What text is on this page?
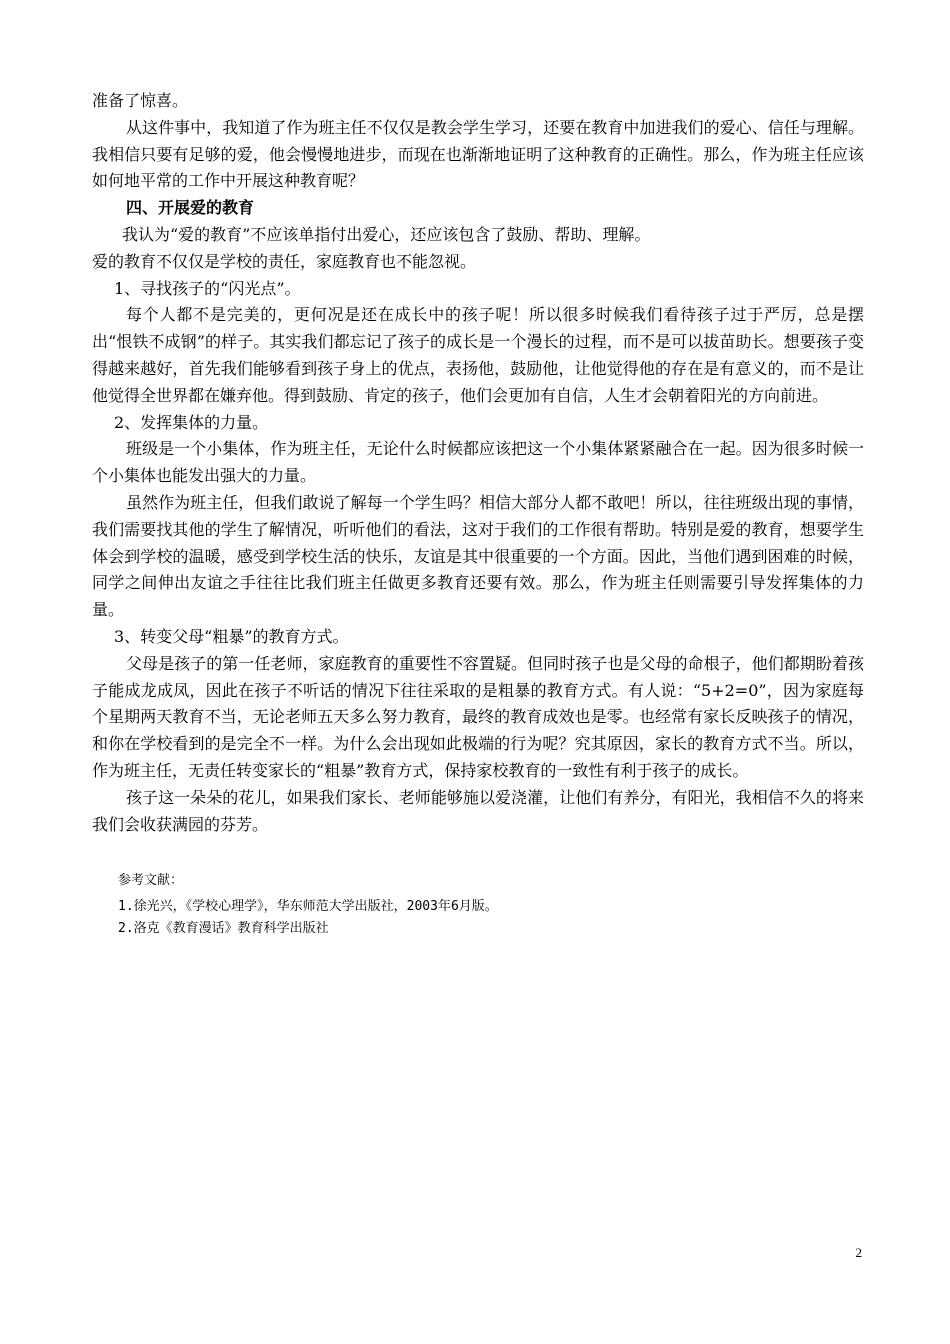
准备了惊喜。

从这件事中，我知道了作为班主任不仅仅是教会学生学习，还要在教育中加进我们的爱心、信任与理解。我相信只要有足够的爱，他会慢慢地进步，而现在也渐渐地证明了这种教育的正确性。那么，作为班主任应该如何地平常的工作中开展这种教育呢？

四、开展爱的教育

我认为“爱的教育”不应该单指付出爱心，还应该包含了鼓励、帮助、理解。

爱的教育不仅仅是学校的责任，家庭教育也不能忽视。

1、寻找孩子的“闪光点”。

每个人都不是完美的，更何况是还在成长中的孩子呢！所以很多时候我们看待孩子过于严厉，总是摆出“恨铁不成钢”的样子。其实我们都忘记了孩子的成长是一个漫长的过程，而不是可以拔苗助长。想要孩子变得越来越好，首先我们能够看到孩子身上的优点，表扬他，鼓励他，让他觉得他的存在是有意义的，而不是让他觉得全世界都在嫌弃他。得到鼓励、肯定的孩子，他们会更加有自信，人生才会朝着阳光的方向前进。

2、发挥集体的力量。

班级是一个小集体，作为班主任，无论什么时候都应该把这一个小集体紧紧融合在一起。因为很多时候一个小集体也能发出强大的力量。

虽然作为班主任，但我们敢说了解每一个学生吗？相信大部分人都不敢吧！所以，往往班级出现的事情，我们需要找其他的学生了解情况，听听他们的看法，这对于我们的工作很有帮助。特别是爱的教育，想要学生体会到学校的温暖，感受到学校生活的快乐，友谊是其中很重要的一个方面。因此，当他们遇到困难的时候，同学之间伸出友谊之手往往比我们班主任做更多教育还要有效。那么，作为班主任则需要引导发挥集体的力量。

3、转变父母“粗暴”的教育方式。

父母是孩子的第一任老师，家庭教育的重要性不容置疑。但同时孩子也是父母的命根子，他们都期盼着孩子能成龙成凤，因此在孩子不听话的情况下往往采取的是粗暴的教育方式。有人说：“5+2=0”，因为家庭每个星期两天教育不当，无论老师五天多么努力教育，最终的教育成效也是零。也经常有家长反映孩子的情况，和你在学校看到的是完全不一样。为什么会出现如此极端的行为呢？究其原因，家长的教育方式不当。所以，作为班主任，无责任转变家长的“粗暴”教育方式，保持家校教育的一致性有利于孩子的成长。

孩子这一朵朵的花儿，如果我们家长、老师能够施以爱浇灌，让他们有养分，有阳光，我相信不久的将来我们会收获满园的芬芳。

参考文献：

1.徐光兴，《学校心理学》，华东师范大学出版社，2003年6月版。

2.洛克《教育漫话》教育科学出版社

2
